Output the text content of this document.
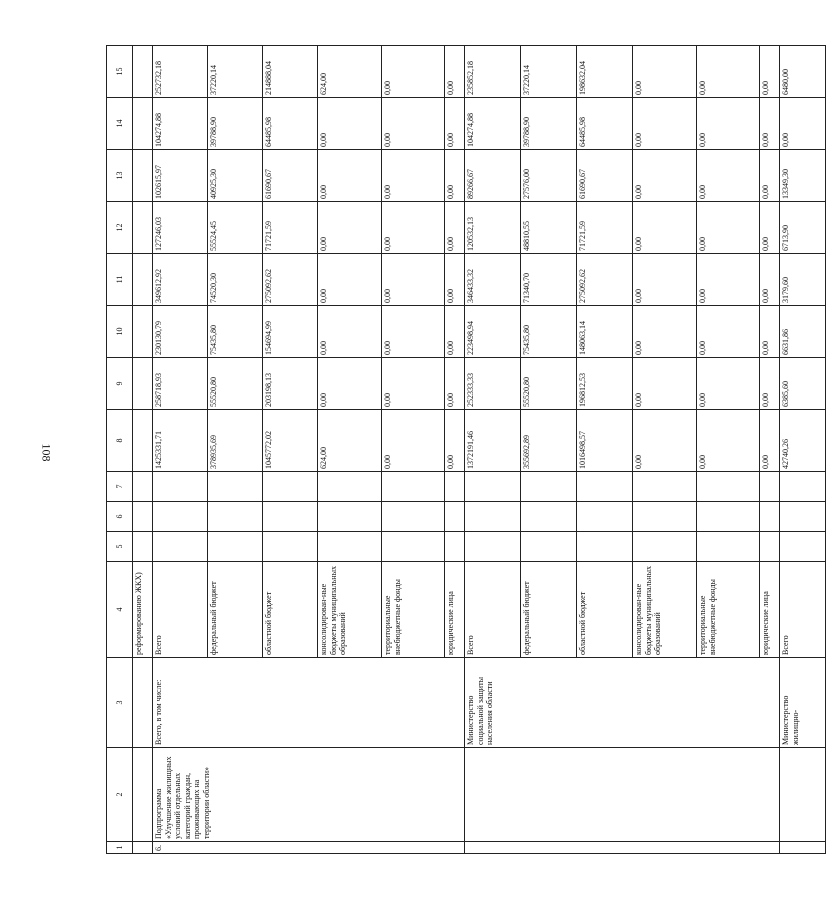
108
1	2	3	4	5	6	7	8	9	10	11	12	13	14	15
			реформированию ЖКХ)											
6.	Подпрограмма «Улучшение жилищных условий отдельных категорий граждан, проживающих на территории области»	Всего, в том числе:	Всего				1425331,71	258718,93	230130,79	349612,92	127246,03	102615,97	104274,88	252732,18
			федеральный бюджет				378935,69	55520,80	75435,80	74520,30	55524,45	40925,30	39788,90	37220,14
			областной бюджет				1045772,02	203198,13	154694,99	275092,62	71721,59	61690,67	64485,98	214888,04
			консолидирован-ные бюджеты муниципальных образований				624,00	0,00	0,00	0,00	0,00	0,00	0,00	624,00
			территориальные внебюджетные фонды				0,00	0,00	0,00	0,00	0,00	0,00	0,00	0,00
			юридические лица				0,00	0,00	0,00	0,00	0,00	0,00	0,00	0,00
		Министерство социальной защиты населения области	Всего				1372191,46	252333,33	223498,94	346433,32	120532,13	89266,67	104274,88	235852,18
			федеральный бюджет				355692,89	55520,80	75435,80	71340,70	48810,55	27576,00	39788,90	37220,14
			областной бюджет				1016498,57	196812,53	148063,14	275092,62	71721,59	61690,67	64485,98	198632,04
			консолидирован-ные бюджеты муниципальных образований				0,00	0,00	0,00	0,00	0,00	0,00	0,00	0,00
			территориальные внебюджетные фонды				0,00	0,00	0,00	0,00	0,00	0,00	0,00	0,00
			юридические лица				0,00	0,00	0,00	0,00	0,00	0,00	0,00	0,00
		Министерство жилищно-	Всего				42740,26	6385,60	6631,86	3179,60	6713,90	13349,30	0,00	6480,00
